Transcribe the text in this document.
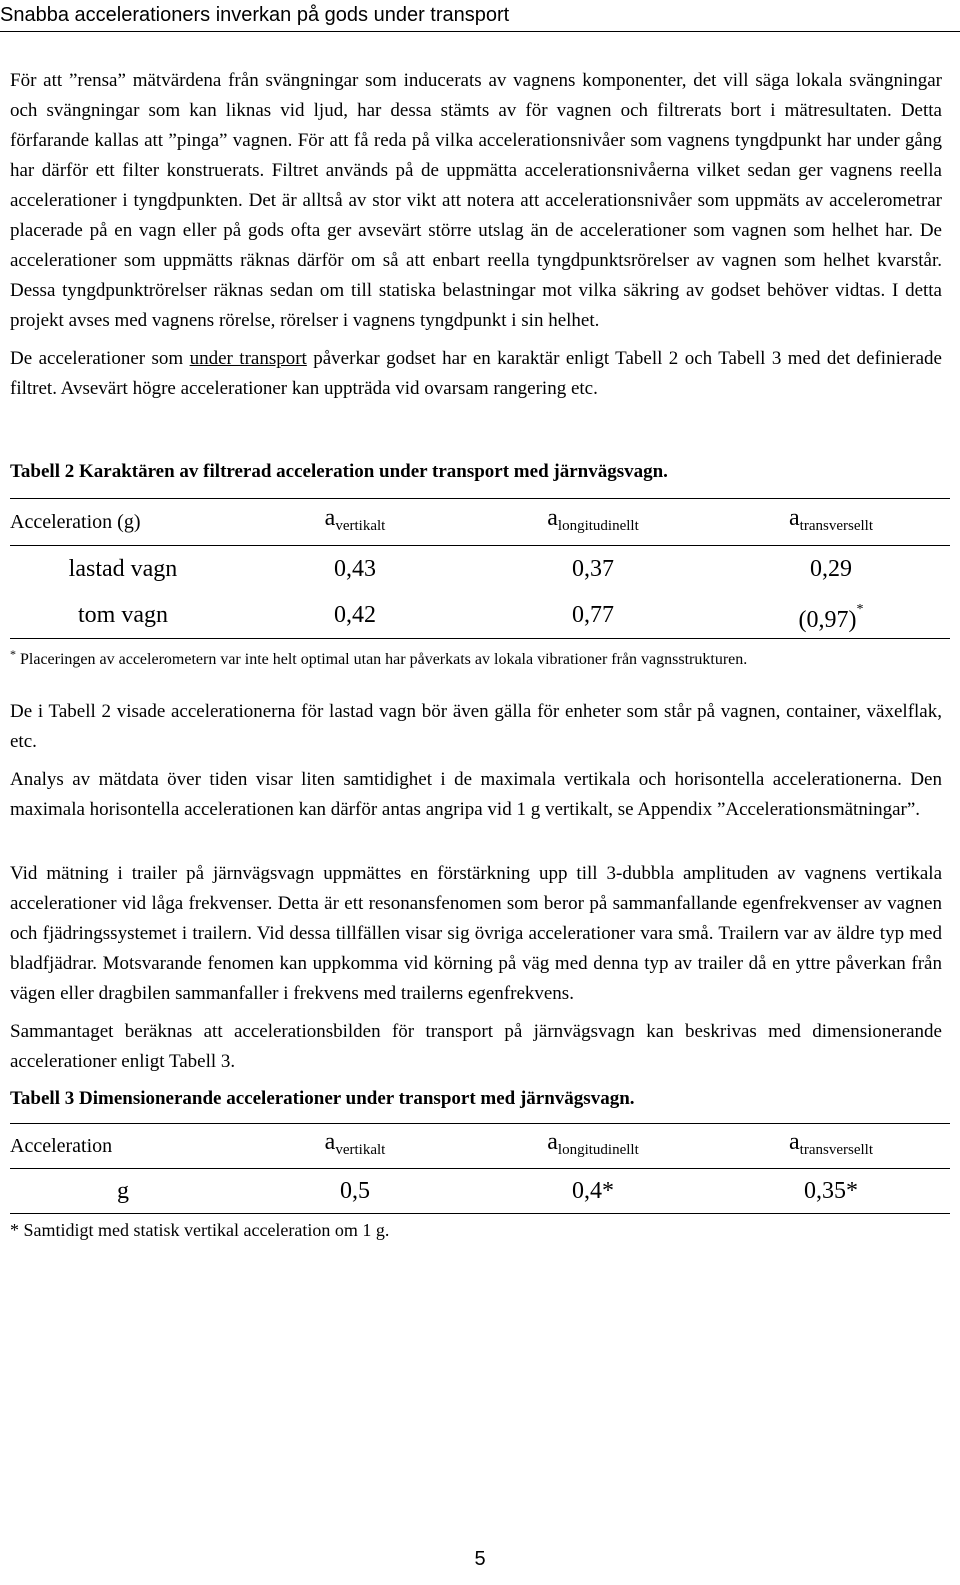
Snabba accelerationers inverkan på gods under transport

För att ”rensa” mätvärdena från svängningar som inducerats av vagnens komponenter, det vill säga lokala svängningar och svängningar som kan liknas vid ljud, har dessa stämts av för vagnen och filtrerats bort i mätresultaten. Detta förfarande kallas att ”pinga” vagnen. För att få reda på vilka accelerationsnivåer som vagnens tyngdpunkt har under gång har därför ett filter konstruerats. Filtret används på de uppmätta accelerationsnivåerna vilket sedan ger vagnens reella accelerationer i tyngdpunkten. Det är alltså av stor vikt att notera att accelerationsnivåer som uppmäts av accelerometrar placerade på en vagn eller på gods ofta ger avsevärt större utslag än de accelerationer som vagnen som helhet har. De accelerationer som uppmätts räknas därför om så att enbart reella tyngdpunktsrörelser av vagnen som helhet kvarstår. Dessa tyngdpunktrörelser räknas sedan om till statiska belastningar mot vilka säkring av godset behöver vidtas. I detta projekt avses med vagnens rörelse, rörelser i vagnens tyngdpunkt i sin helhet.

De accelerationer som under transport påverkar godset har en karaktär enligt Tabell 2 och Tabell 3 med det definierade filtret. Avsevärt högre accelerationer kan uppträda vid ovarsam rangering etc.

Tabell 2 Karaktären av filtrerad acceleration under transport med järnvägsvagn.

Acceleration (g)	$a_{vertikalt}$	$a_{longitudinellt}$	$a_{transversellt}$
lastad vagn	0,43	0,37	0,29
tom vagn	0,42	0,77	(0,97)*

* Placeringen av accelerometern var inte helt optimal utan har påverkats av lokala vibrationer från vagnsstrukturen.

De i Tabell 2 visade accelerationerna för lastad vagn bör även gälla för enheter som står på vagnen, container, växelflak, etc.

Analys av mätdata över tiden visar liten samtidighet i de maximala vertikala och horisontella accelerationerna. Den maximala horisontella accelerationen kan därför antas angripa vid 1 g vertikalt, se Appendix ”Accelerationsmätningar”.

Vid mätning i trailer på järnvägsvagn uppmättes en förstärkning upp till 3-dubbla amplituden av vagnens vertikala accelerationer vid låga frekvenser. Detta är ett resonansfenomen som beror på sammanfallande egenfrekvenser av vagnen och fjädringssystemet i trailern. Vid dessa tillfällen visar sig övriga accelerationer vara små. Trailern var av äldre typ med bladfjädrar. Motsvarande fenomen kan uppkomma vid körning på väg med denna typ av trailer då en yttre påverkan från vägen eller dragbilen sammanfaller i frekvens med trailerns egenfrekvens.

Sammantaget beräknas att accelerationsbilden för transport på järnvägsvagn kan beskrivas med dimensionerande accelerationer enligt Tabell 3.

Tabell 3 Dimensionerande accelerationer under transport med järnvägsvagn.

Acceleration	$a_{vertikalt}$	$a_{longitudinellt}$	$a_{transversellt}$
g	0,5	0,4*	0,35*

* Samtidigt med statisk vertikal acceleration om 1 g.

5
